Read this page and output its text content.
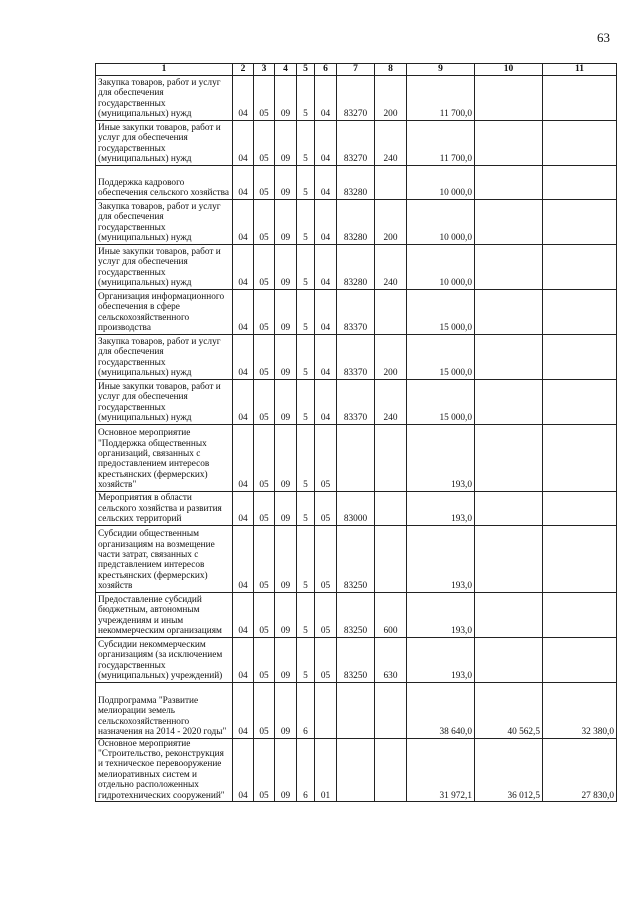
63
1	2	3	4	5	6	7	8	9	10	11
Закупка товаров, работ и услуг для обеспечения государственных (муниципальных) нужд	04	05	09	5	04	83270	200	11 700,0		
Иные закупки товаров, работ и услуг для обеспечения государственных (муниципальных) нужд	04	05	09	5	04	83270	240	11 700,0		
Поддержка кадрового обеспечения сельского хозяйства	04	05	09	5	04	83280		10 000,0		
Закупка товаров, работ и услуг для обеспечения государственных (муниципальных) нужд	04	05	09	5	04	83280	200	10 000,0		
Иные закупки товаров, работ и услуг для обеспечения государственных (муниципальных) нужд	04	05	09	5	04	83280	240	10 000,0		
Организация информационного обеспечения в сфере сельскохозяйственного производства	04	05	09	5	04	83370		15 000,0		
Закупка товаров, работ и услуг для обеспечения государственных (муниципальных) нужд	04	05	09	5	04	83370	200	15 000,0		
Иные закупки товаров, работ и услуг для обеспечения государственных (муниципальных) нужд	04	05	09	5	04	83370	240	15 000,0		
Основное мероприятие "Поддержка общественных организаций, связанных с предоставлением интересов крестьянских (фермерских) хозяйств"	04	05	09	5	05			193,0		
Мероприятия в области сельского хозяйства и развития сельских территорий	04	05	09	5	05	83000		193,0		
Субсидии общественным организациям на возмещение части затрат, связанных с представлением интересов крестьянских (фермерских) хозяйств	04	05	09	5	05	83250		193,0		
Предоставление субсидий бюджетным, автономным учреждениям и иным некоммерческим организациям	04	05	09	5	05	83250	600	193,0		
Субсидии некоммерческим организациям (за исключением государственных (муниципальных) учреждений)	04	05	09	5	05	83250	630	193,0		
Подпрограмма "Развитие мелиорации земель сельскохозяйственного назначения на 2014 - 2020 годы"	04	05	09	6				38 640,0	40 562,5	32 380,0
Основное мероприятие "Строительство, реконструкция и техническое перевооружение мелиоративных систем и отдельно расположенных гидротехнических сооружений"	04	05	09	6	01			31 972,1	36 012,5	27 830,0
